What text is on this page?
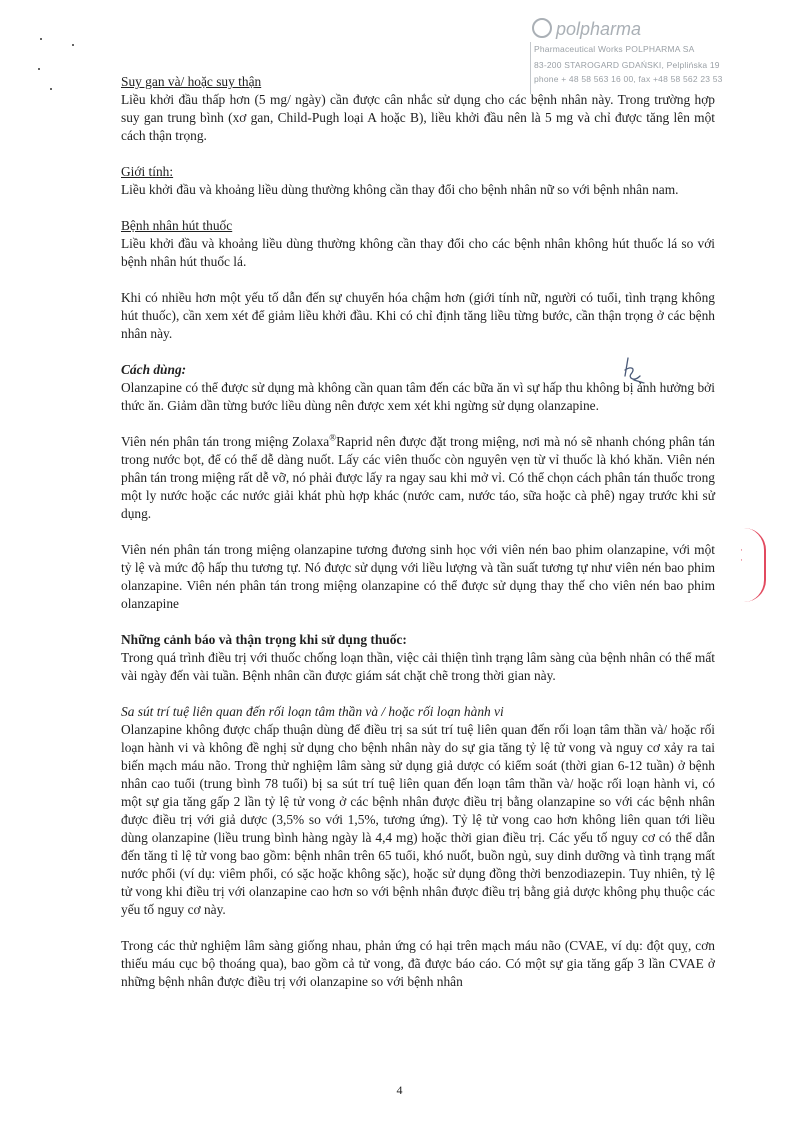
polpharma
Pharmaceutical Works POLPHARMA SA
83-200 STAROGARD GDAŃSKI, Pelplińska 19
phone + 48 58 563 16 00, fax +48 58 562 23 53
·
·

Suy gan và/ hoặc suy thận

Liều khởi đầu thấp hơn (5 mg/ ngày) cần được cân nhắc sử dụng cho các bệnh nhân này. Trong trường hợp suy gan trung bình (xơ gan, Child-Pugh loại A hoặc B), liều khởi đầu nên là 5 mg và chỉ được tăng lên một cách thận trọng.

Giới tính:

Liều khởi đầu và khoảng liều dùng thường không cần thay đổi cho bệnh nhân nữ so với bệnh nhân nam.

Bệnh nhân hút thuốc

Liều khởi đầu và khoảng liều dùng thường không cần thay đổi cho các bệnh nhân không hút thuốc lá so với bệnh nhân hút thuốc lá.

Khi có nhiều hơn một yếu tố dẫn đến sự chuyển hóa chậm hơn (giới tính nữ, người có tuổi, tình trạng không hút thuốc), cần xem xét để giảm liều khởi đầu. Khi có chỉ định tăng liều từng bước, cần thận trọng ở các bệnh nhân này.

Cách dùng:

Olanzapine có thể được sử dụng mà không cần quan tâm đến các bữa ăn vì sự hấp thu không bị ảnh hưởng bởi thức ăn. Giảm dần từng bước liều dùng nên được xem xét khi ngừng sử dụng olanzapine.

Viên nén phân tán trong miệng Zolaxa®Raprid nên được đặt trong miệng, nơi mà nó sẽ nhanh chóng phân tán trong nước bọt, để có thể dễ dàng nuốt. Lấy các viên thuốc còn nguyên vẹn từ vỉ thuốc là khó khăn. Viên nén phân tán trong miệng rất dễ vỡ, nó phải được lấy ra ngay sau khi mở vỉ. Có thể chọn cách phân tán thuốc trong một ly nước hoặc các nước giải khát phù hợp khác (nước cam, nước táo, sữa hoặc cà phê) ngay trước khi sử dụng.

Viên nén phân tán trong miệng olanzapine tương đương sinh học với viên nén bao phim olanzapine, với một tỷ lệ và mức độ hấp thu tương tự. Nó được sử dụng với liều lượng và tần suất tương tự như viên nén bao phim olanzapine. Viên nén phân tán trong miệng olanzapine có thể được sử dụng thay thế cho viên nén bao phim olanzapine

Những cảnh báo và thận trọng khi sử dụng thuốc:

Trong quá trình điều trị với thuốc chống loạn thần, việc cải thiện tình trạng lâm sàng của bệnh nhân có thể mất vài ngày đến vài tuần. Bệnh nhân cần được giám sát chặt chẽ trong thời gian này.

Sa sút trí tuệ liên quan đến rối loạn tâm thần và / hoặc rối loạn hành vi

Olanzapine không được chấp thuận dùng để điều trị sa sút trí tuệ liên quan đến rối loạn tâm thần và/ hoặc rối loạn hành vi và không đề nghị sử dụng cho bệnh nhân này do sự gia tăng tỷ lệ tử vong và nguy cơ xảy ra tai biến mạch máu não. Trong thử nghiệm lâm sàng sử dụng giả dược có kiểm soát (thời gian 6-12 tuần) ở bệnh nhân cao tuổi (trung bình 78 tuổi) bị sa sút trí tuệ liên quan đến loạn tâm thần và/ hoặc rối loạn hành vi, có một sự gia tăng gấp 2 lần tỷ lệ tử vong ở các bệnh nhân được điều trị bằng olanzapine so với các bệnh nhân được điều trị với giả dược (3,5% so với 1,5%, tương ứng). Tỷ lệ tử vong cao hơn không liên quan tới liều dùng olanzapine (liều trung bình hàng ngày là 4,4 mg) hoặc thời gian điều trị. Các yếu tố nguy cơ có thể dẫn đến tăng tỉ lệ tử vong bao gồm: bệnh nhân trên 65 tuổi, khó nuốt, buồn ngủ, suy dinh dưỡng và tình trạng mất nước phổi (ví dụ: viêm phổi, có sặc hoặc không sặc), hoặc sử dụng đồng thời benzodiazepin. Tuy nhiên, tỷ lệ tử vong khi điều trị với olanzapine cao hơn so với bệnh nhân được điều trị bằng giả dược không phụ thuộc các yếu tố nguy cơ này.

Trong các thử nghiệm lâm sàng giống nhau, phản ứng có hại trên mạch máu não (CVAE, ví dụ: đột quỵ, cơn thiếu máu cục bộ thoáng qua), bao gồm cả tử vong, đã được báo cáo. Có một sự gia tăng gấp 3 lần CVAE ở những bệnh nhân được điều trị với olanzapine so với bệnh nhân

4
